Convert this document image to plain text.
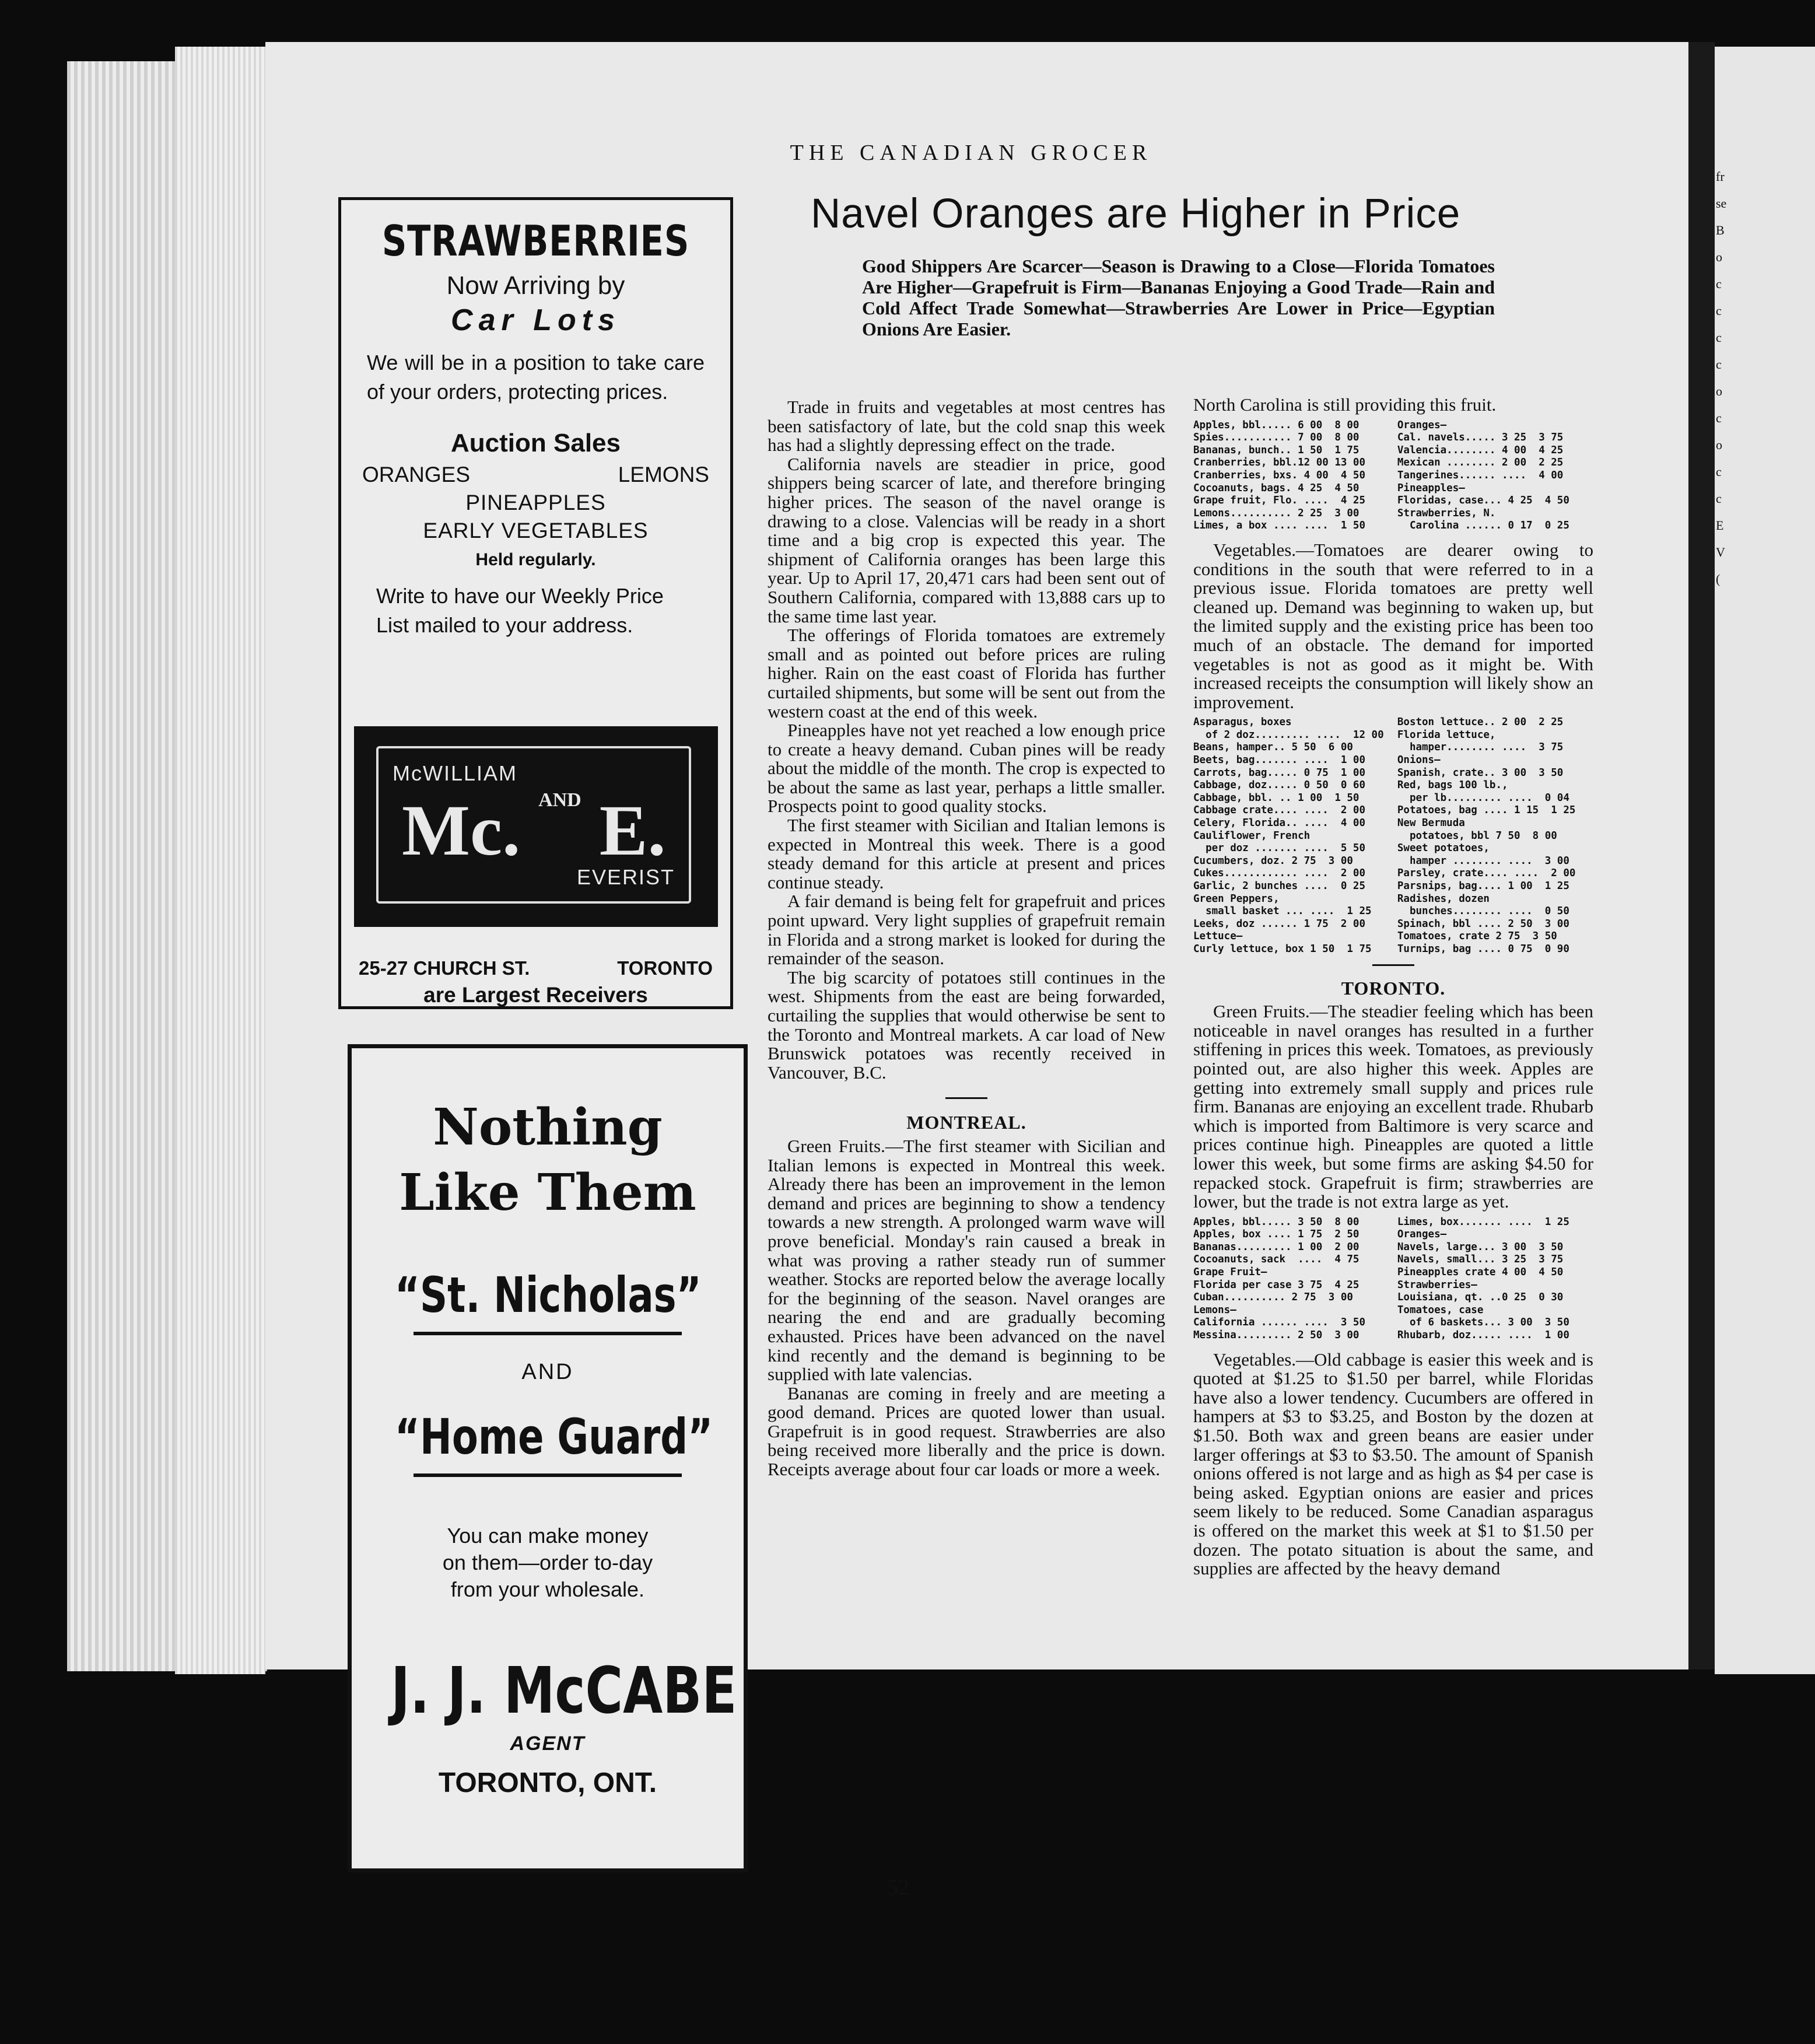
fr
se
B
o
c
c
c
c
o
c
o
c
c
E
V
(
THE CANADIAN GROCER
STRAWBERRIES
Now Arriving by
Car Lots
We will be in a position to take care of your orders, protecting prices.
Auction Sales
ORANGES	LEMONS
PINEAPPLES
EARLY VEGETABLES
Held regularly.
Write to have our Weekly Price List mailed to your address.
McWILLIAM
Mc. $^{AND}$ E.
EVERIST
25-27 CHURCH ST.	TORONTO
are Largest Receivers
Nothing
Like Them
“St. Nicholas”
AND
“Home Guard”
You can make money
on them—order to-day
from your wholesale.
J. J. McCABE
AGENT
TORONTO, ONT.
Navel Oranges are Higher in Price
Good Shippers Are Scarcer—Season is Drawing to a Close—Florida Tomatoes Are Higher—Grapefruit is Firm—Bananas Enjoying a Good Trade—Rain and Cold Affect Trade Somewhat—Strawberries Are Lower in Price—Egyptian Onions Are Easier.

Trade in fruits and vegetables at most centres has been satisfactory of late, but the cold snap this week has had a slightly depressing effect on the trade.

California navels are steadier in price, good shippers being scarcer of late, and therefore bringing higher prices. The season of the navel orange is drawing to a close. Valencias will be ready in a short time and a big crop is expected this year. The shipment of California oranges has been large this year. Up to April 17, 20,471 cars had been sent out of Southern California, compared with 13,888 cars up to the same time last year.

The offerings of Florida tomatoes are extremely small and as pointed out before prices are ruling higher. Rain on the east coast of Florida has further curtailed shipments, but some will be sent out from the western coast at the end of this week.

Pineapples have not yet reached a low enough price to create a heavy demand. Cuban pines will be ready about the middle of the month. The crop is expected to be about the same as last year, perhaps a little smaller. Prospects point to good quality stocks.

The first steamer with Sicilian and Italian lemons is expected in Montreal this week. There is a good steady demand for this article at present and prices continue steady.

A fair demand is being felt for grapefruit and prices point upward. Very light supplies of grapefruit remain in Florida and a strong market is looked for during the remainder of the season.

The big scarcity of potatoes still continues in the west. Shipments from the east are being forwarded, curtailing the supplies that would otherwise be sent to the Toronto and Montreal markets. A car load of New Brunswick potatoes was recently received in Vancouver, B.C.

MONTREAL.

Green Fruits.—The first steamer with Sicilian and Italian lemons is expected in Montreal this week. Already there has been an improvement in the lemon demand and prices are beginning to show a tendency towards a new strength. A prolonged warm wave will prove beneficial. Monday's rain caused a break in what was proving a rather steady run of summer weather. Stocks are reported below the average locally for the beginning of the season. Navel oranges are nearing the end and are gradually becoming exhausted. Prices have been advanced on the navel kind recently and the demand is beginning to be supplied with late valencias.

Bananas are coming in freely and are meeting a good demand. Prices are quoted lower than usual. Grapefruit is in good request. Strawberries are also being received more liberally and the price is down. Receipts average about four car loads or more a week.

North Carolina is still providing this fruit.

Apples, bbl..... 6 00  8 00
Spies........... 7 00  8 00
Bananas, bunch.. 1 50  1 75
Cranberries, bbl.12 00 13 00
Cranberries, bxs. 4 00  4 50
Cocoanuts, bags. 4 25  4 50
Grape fruit, Flo. ....  4 25
Lemons.......... 2 25  3 00
Limes, a box .... ....  1 50
Oranges—
Cal. navels..... 3 25  3 75
Valencia........ 4 00  4 25
Mexican ........ 2 00  2 25
Tangerines...... ....  4 00
Pineapples—
Floridas, case... 4 25  4 50
Strawberries, N.
Carolina ...... 0 17  0 25

Vegetables.—Tomatoes are dearer owing to conditions in the south that were referred to in a previous issue. Florida tomatoes are pretty well cleaned up. Demand was beginning to waken up, but the limited supply and the existing price has been too much of an obstacle. The demand for imported vegetables is not as good as it might be. With increased receipts the consumption will likely show an improvement.

Asparagus, boxes
of 2 doz......... ....  12 00
Beans, hamper.. 5 50  6 00
Beets, bag....... ....  1 00
Carrots, bag..... 0 75  1 00
Cabbage, doz..... 0 50  0 60
Cabbage, bbl. .. 1 00  1 50
Cabbage crate.... ....  2 00
Celery, Florida.. ....  4 00
Cauliflower, French
per doz ....... ....  5 50
Cucumbers, doz. 2 75  3 00
Cukes............ ....  2 00
Garlic, 2 bunches ....  0 25
Green Peppers,
small basket ... ....  1 25
Leeks, doz ...... 1 75  2 00
Lettuce—
Curly lettuce, box 1 50  1 75
Boston lettuce.. 2 00  2 25
Florida lettuce,
hamper........ ....  3 75
Onions—
Spanish, crate.. 3 00  3 50
Red, bags 100 lb.,
per lb......... ....  0 04
Potatoes, bag .... 1 15  1 25
New Bermuda
potatoes, bbl 7 50  8 00
Sweet potatoes,
hamper ........ ....  3 00
Parsley, crate.... ....  2 00
Parsnips, bag.... 1 00  1 25
Radishes, dozen
bunches........ ....  0 50
Spinach, bbl .... 2 50  3 00
Tomatoes, crate 2 75  3 50
Turnips, bag .... 0 75  0 90
TORONTO.

Green Fruits.—The steadier feeling which has been noticeable in navel oranges has resulted in a further stiffening in prices this week. Tomatoes, as previously pointed out, are also higher this week. Apples are getting into extremely small supply and prices rule firm. Bananas are enjoying an excellent trade. Rhubarb which is imported from Baltimore is very scarce and prices continue high. Pineapples are quoted a little lower this week, but some firms are asking $4.50 for repacked stock. Grapefruit is firm; strawberries are lower, but the trade is not extra large as yet.

Apples, bbl..... 3 50  8 00
Apples, box .... 1 75  2 50
Bananas......... 1 00  2 00
Cocoanuts, sack  ....  4 75
Grape Fruit—
Florida per case 3 75  4 25
Cuban.......... 2 75  3 00
Lemons—
California ...... ....  3 50
Messina......... 2 50  3 00
Limes, box....... ....  1 25
Oranges—
Navels, large... 3 00  3 50
Navels, small... 3 25  3 75
Pineapples crate 4 00  4 50
Strawberries—
Louisiana, qt. ..0 25  0 30
Tomatoes, case
of 6 baskets... 3 00  3 50
Rhubarb, doz..... ....  1 00

Vegetables.—Old cabbage is easier this week and is quoted at $1.25 to $1.50 per barrel, while Floridas have also a lower tendency. Cucumbers are offered in hampers at $3 to $3.25, and Boston by the dozen at $1.50. Both wax and green beans are easier under larger offerings at $3 to $3.50. The amount of Spanish onions offered is not large and as high as $4 per case is being asked. Egyptian onions are easier and prices seem likely to be reduced. Some Canadian asparagus is offered on the market this week at $1 to $1.50 per dozen. The potato situation is about the same, and supplies are affected by the heavy demand

52
